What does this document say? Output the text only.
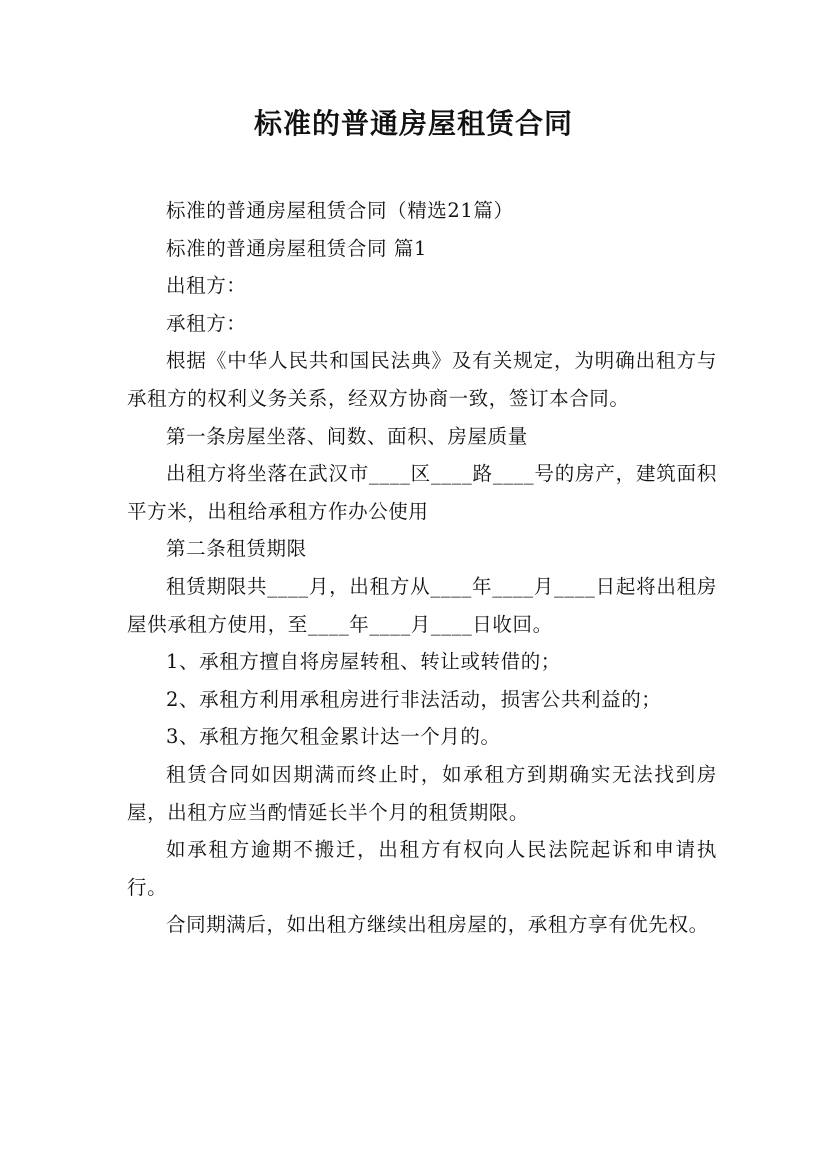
标准的普通房屋租赁合同

标准的普通房屋租赁合同（精选21篇）

标准的普通房屋租赁合同 篇1

出租方：

承租方：

根据《中华人民共和国民法典》及有关规定，为明确出租方与承租方的权利义务关系，经双方协商一致，签订本合同。

第一条房屋坐落、间数、面积、房屋质量

出租方将坐落在武汉市____区____路____号的房产，建筑面积平方米，出租给承租方作办公使用

第二条租赁期限

租赁期限共____月，出租方从____年____月____日起将出租房屋供承租方使用，至____年____月____日收回。

1、承租方擅自将房屋转租、转让或转借的；

2、承租方利用承租房进行非法活动，损害公共利益的；

3、承租方拖欠租金累计达一个月的。

租赁合同如因期满而终止时，如承租方到期确实无法找到房屋，出租方应当酌情延长半个月的租赁期限。

如承租方逾期不搬迁，出租方有权向人民法院起诉和申请执行。

合同期满后，如出租方继续出租房屋的，承租方享有优先权。
